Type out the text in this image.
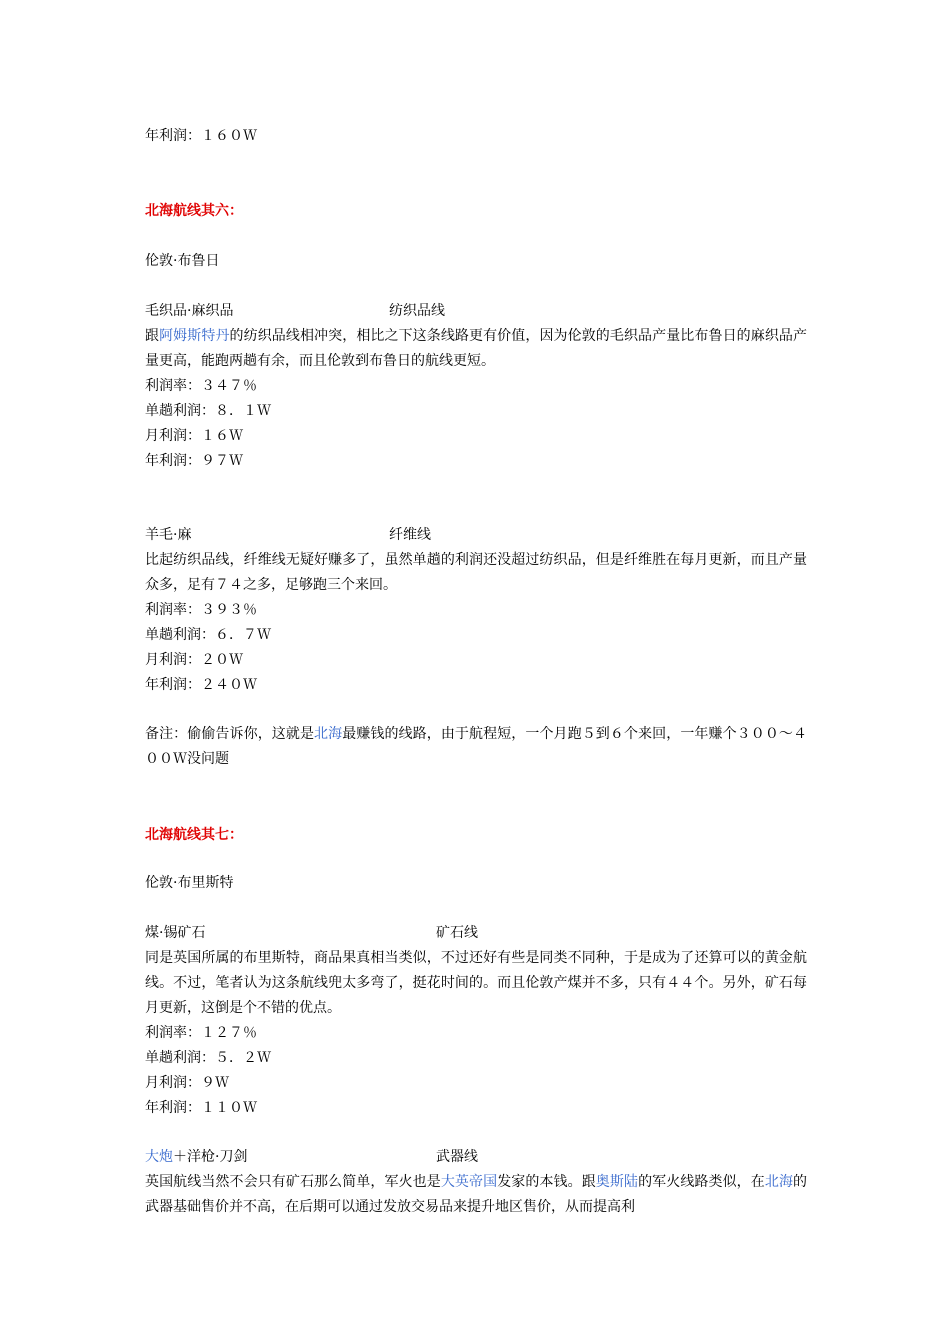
年利润：１６０Ｗ
北海航线其六：
伦敦·布鲁日
毛织品·麻织品	纺织品线
跟阿姆斯特丹的纺织品线相冲突，相比之下这条线路更有价值，因为伦敦的毛织品产量比布鲁日的麻织品产量更高，能跑两趟有余，而且伦敦到布鲁日的航线更短。
利润率：３４７％
单趟利润：８．１Ｗ
月利润：１６Ｗ
年利润：９７Ｗ
羊毛·麻	纤维线
比起纺织品线，纤维线无疑好赚多了，虽然单趟的利润还没超过纺织品，但是纤维胜在每月更新，而且产量众多，足有７４之多，足够跑三个来回。
利润率：３９３％
单趟利润：６．７Ｗ
月利润：２０Ｗ
年利润：２４０Ｗ
备注：偷偷告诉你，这就是北海最赚钱的线路，由于航程短，一个月跑５到６个来回，一年赚个３００～４００Ｗ没问题
北海航线其七：
伦敦·布里斯特
煤·锡矿石	矿石线
同是英国所属的布里斯特，商品果真相当类似，不过还好有些是同类不同种，于是成为了还算可以的黄金航线。不过，笔者认为这条航线兜太多弯了，挺花时间的。而且伦敦产煤并不多，只有４４个。另外，矿石每月更新，这倒是个不错的优点。
利润率：１２７％
单趟利润：５．２Ｗ
月利润：９Ｗ
年利润：１１０Ｗ
大炮＋洋枪·刀剑	武器线
英国航线当然不会只有矿石那么简单，军火也是大英帝国发家的本钱。跟奥斯陆的军火线路类似，在北海的武器基础售价并不高，在后期可以通过发放交易品来提升地区售价，从而提高利
